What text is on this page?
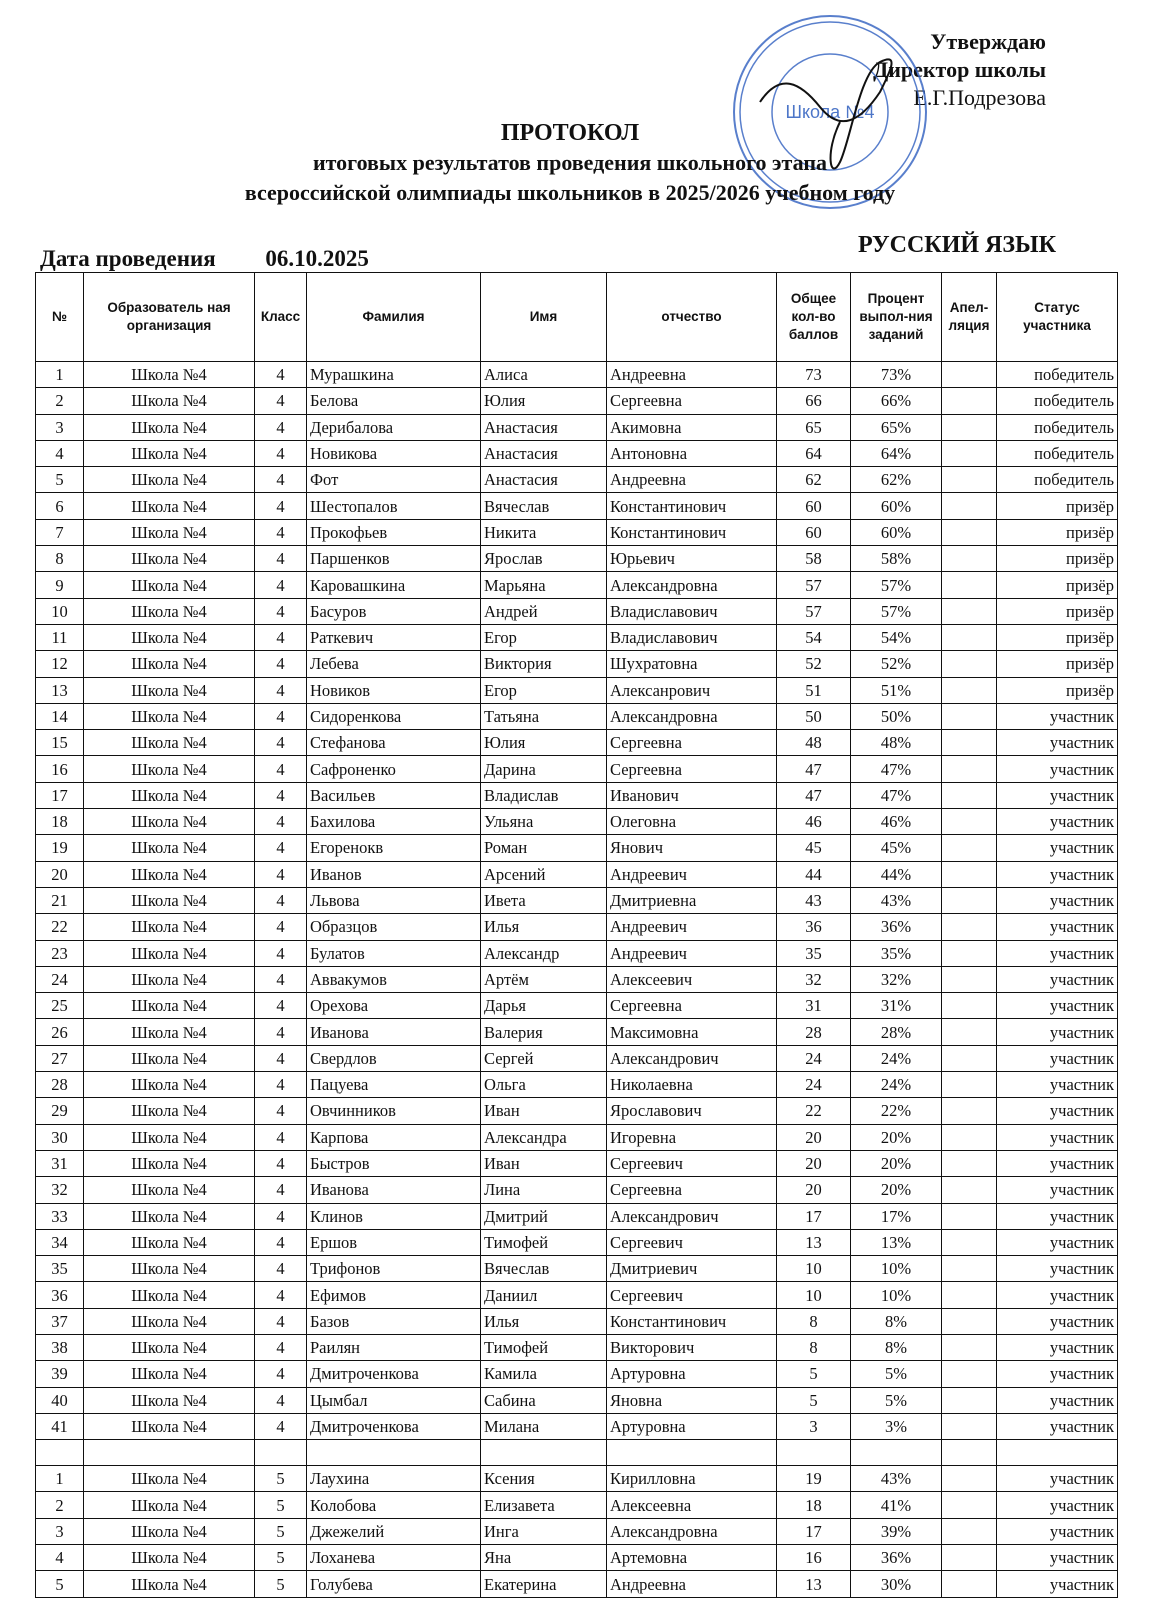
Утверждаю
Директор школы
Е.Г.Подрезова
Школа №4
ПРОТОКОЛ
итоговых результатов проведения школьного этапа
всероссийской олимпиады школьников в 2025/2026 учебном году
Дата проведения 06.10.2025
РУССКИЙ ЯЗЫК
№	Образователь ная организация	Класс	Фамилия	Имя	отчество	Общее кол-во баллов	Процент выпол-ния заданий	Апел-ляция	Статус участника
1	Школа №4	4	Мурашкина	Алиса	Андреевна	73	73%		победитель
2	Школа №4	4	Белова	Юлия	Сергеевна	66	66%		победитель
3	Школа №4	4	Дерибалова	Анастасия	Акимовна	65	65%		победитель
4	Школа №4	4	Новикова	Анастасия	Антоновна	64	64%		победитель
5	Школа №4	4	Фот	Анастасия	Андреевна	62	62%		победитель
6	Школа №4	4	Шестопалов	Вячеслав	Константинович	60	60%		призёр
7	Школа №4	4	Прокофьев	Никита	Константинович	60	60%		призёр
8	Школа №4	4	Паршенков	Ярослав	Юрьевич	58	58%		призёр
9	Школа №4	4	Каровашкина	Марьяна	Александровна	57	57%		призёр
10	Школа №4	4	Басуров	Андрей	Владиславович	57	57%		призёр
11	Школа №4	4	Раткевич	Егор	Владиславович	54	54%		призёр
12	Школа №4	4	Лебева	Виктория	Шухратовна	52	52%		призёр
13	Школа №4	4	Новиков	Егор	Алексанрович	51	51%		призёр
14	Школа №4	4	Сидоренкова	Татьяна	Александровна	50	50%		участник
15	Школа №4	4	Стефанова	Юлия	Сергеевна	48	48%		участник
16	Школа №4	4	Сафроненко	Дарина	Сергеевна	47	47%		участник
17	Школа №4	4	Васильев	Владислав	Иванович	47	47%		участник
18	Школа №4	4	Бахилова	Ульяна	Олеговна	46	46%		участник
19	Школа №4	4	Егоренокв	Роман	Янович	45	45%		участник
20	Школа №4	4	Иванов	Арсений	Андреевич	44	44%		участник
21	Школа №4	4	Львова	Ивета	Дмитриевна	43	43%		участник
22	Школа №4	4	Образцов	Илья	Андреевич	36	36%		участник
23	Школа №4	4	Булатов	Александр	Андреевич	35	35%		участник
24	Школа №4	4	Аввакумов	Артём	Алексеевич	32	32%		участник
25	Школа №4	4	Орехова	Дарья	Сергеевна	31	31%		участник
26	Школа №4	4	Иванова	Валерия	Максимовна	28	28%		участник
27	Школа №4	4	Свердлов	Сергей	Александрович	24	24%		участник
28	Школа №4	4	Пацуева	Ольга	Николаевна	24	24%		участник
29	Школа №4	4	Овчинников	Иван	Ярославович	22	22%		участник
30	Школа №4	4	Карпова	Александра	Игоревна	20	20%		участник
31	Школа №4	4	Быстров	Иван	Сергеевич	20	20%		участник
32	Школа №4	4	Иванова	Лина	Сергеевна	20	20%		участник
33	Школа №4	4	Клинов	Дмитрий	Александрович	17	17%		участник
34	Школа №4	4	Ершов	Тимофей	Сергеевич	13	13%		участник
35	Школа №4	4	Трифонов	Вячеслав	Дмитриевич	10	10%		участник
36	Школа №4	4	Ефимов	Даниил	Сергеевич	10	10%		участник
37	Школа №4	4	Базов	Илья	Константинович	8	8%		участник
38	Школа №4	4	Раилян	Тимофей	Викторович	8	8%		участник
39	Школа №4	4	Дмитроченкова	Камила	Артуровна	5	5%		участник
40	Школа №4	4	Цымбал	Сабина	Яновна	5	5%		участник
41	Школа №4	4	Дмитроченкова	Милана	Артуровна	3	3%		участник

1	Школа №4	5	Лаухина	Ксения	Кирилловна	19	43%		участник
2	Школа №4	5	Колобова	Елизавета	Алексеевна	18	41%		участник
3	Школа №4	5	Джежелий	Инга	Александровна	17	39%		участник
4	Школа №4	5	Лоханева	Яна	Артемовна	16	36%		участник
5	Школа №4	5	Голубева	Екатерина	Андреевна	13	30%		участник
